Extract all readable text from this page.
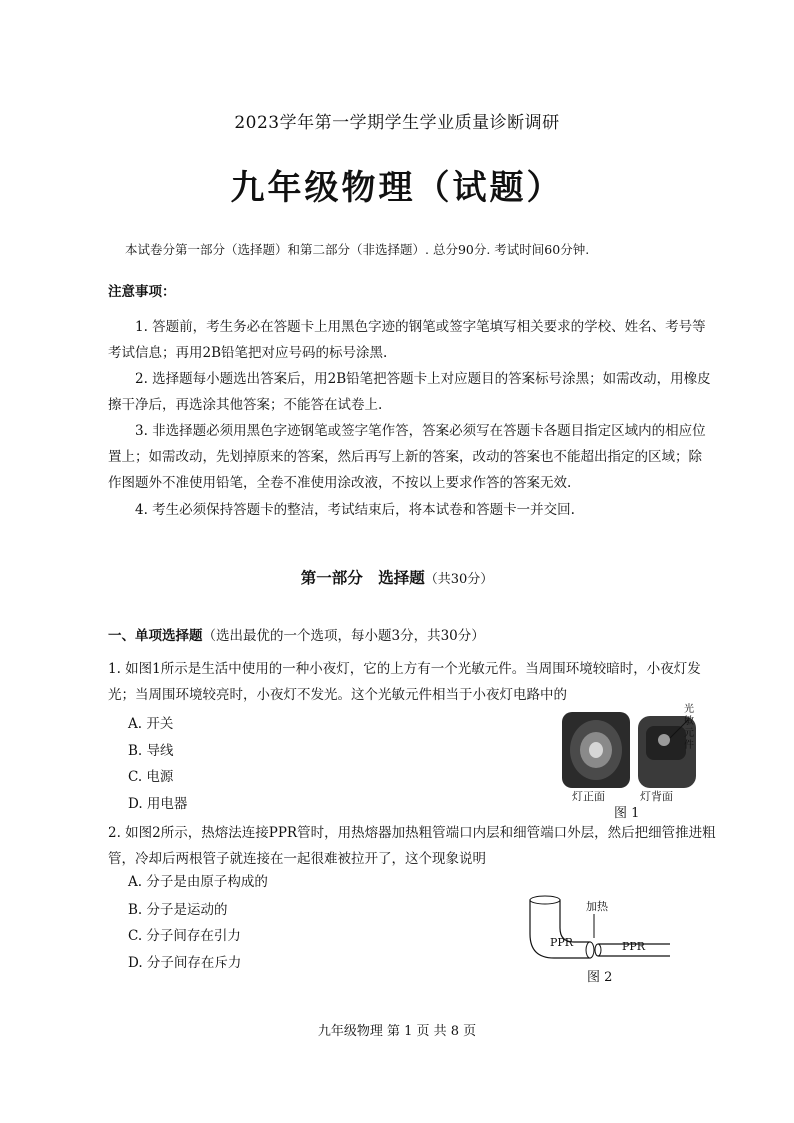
2023学年第一学期学生学业质量诊断调研
九年级物理（试题）
本试卷分第一部分（选择题）和第二部分（非选择题）. 总分90分. 考试时间60分钟.
注意事项：
1. 答题前，考生务必在答题卡上用黑色字迹的钢笔或签字笔填写相关要求的学校、姓名、考号等考试信息；再用2B铅笔把对应号码的标号涂黑.
2. 选择题每小题选出答案后，用2B铅笔把答题卡上对应题目的答案标号涂黑；如需改动，用橡皮擦干净后，再选涂其他答案；不能答在试卷上.
3. 非选择题必须用黑色字迹钢笔或签字笔作答，答案必须写在答题卡各题目指定区域内的相应位置上；如需改动，先划掉原来的答案，然后再写上新的答案，改动的答案也不能超出指定的区域；除作图题外不准使用铅笔，全卷不准使用涂改液，不按以上要求作答的答案无效.
4. 考生必须保持答题卡的整洁，考试结束后，将本试卷和答题卡一并交回.
第一部分　选择题（共30分）
一、单项选择题（选出最优的一个选项，每小题3分，共30分）
1. 如图1所示是生活中使用的一种小夜灯，它的上方有一个光敏元件。当周围环境较暗时，小夜灯发光；当周围环境较亮时，小夜灯不发光。这个光敏元件相当于小夜灯电路中的
A. 开关
B. 导线
C. 电源
D. 用电器
光敏元件
灯正面	灯背面
图 1
2. 如图2所示，热熔法连接PPR管时，用热熔器加热粗管端口内层和细管端口外层，然后把细管推进粗管，冷却后两根管子就连接在一起很难被拉开了，这个现象说明
A. 分子是由原子构成的
B. 分子是运动的
C. 分子间存在引力
D. 分子间存在斥力
加热
PPR	PPR
图 2
九年级物理 第 1 页 共 8 页
